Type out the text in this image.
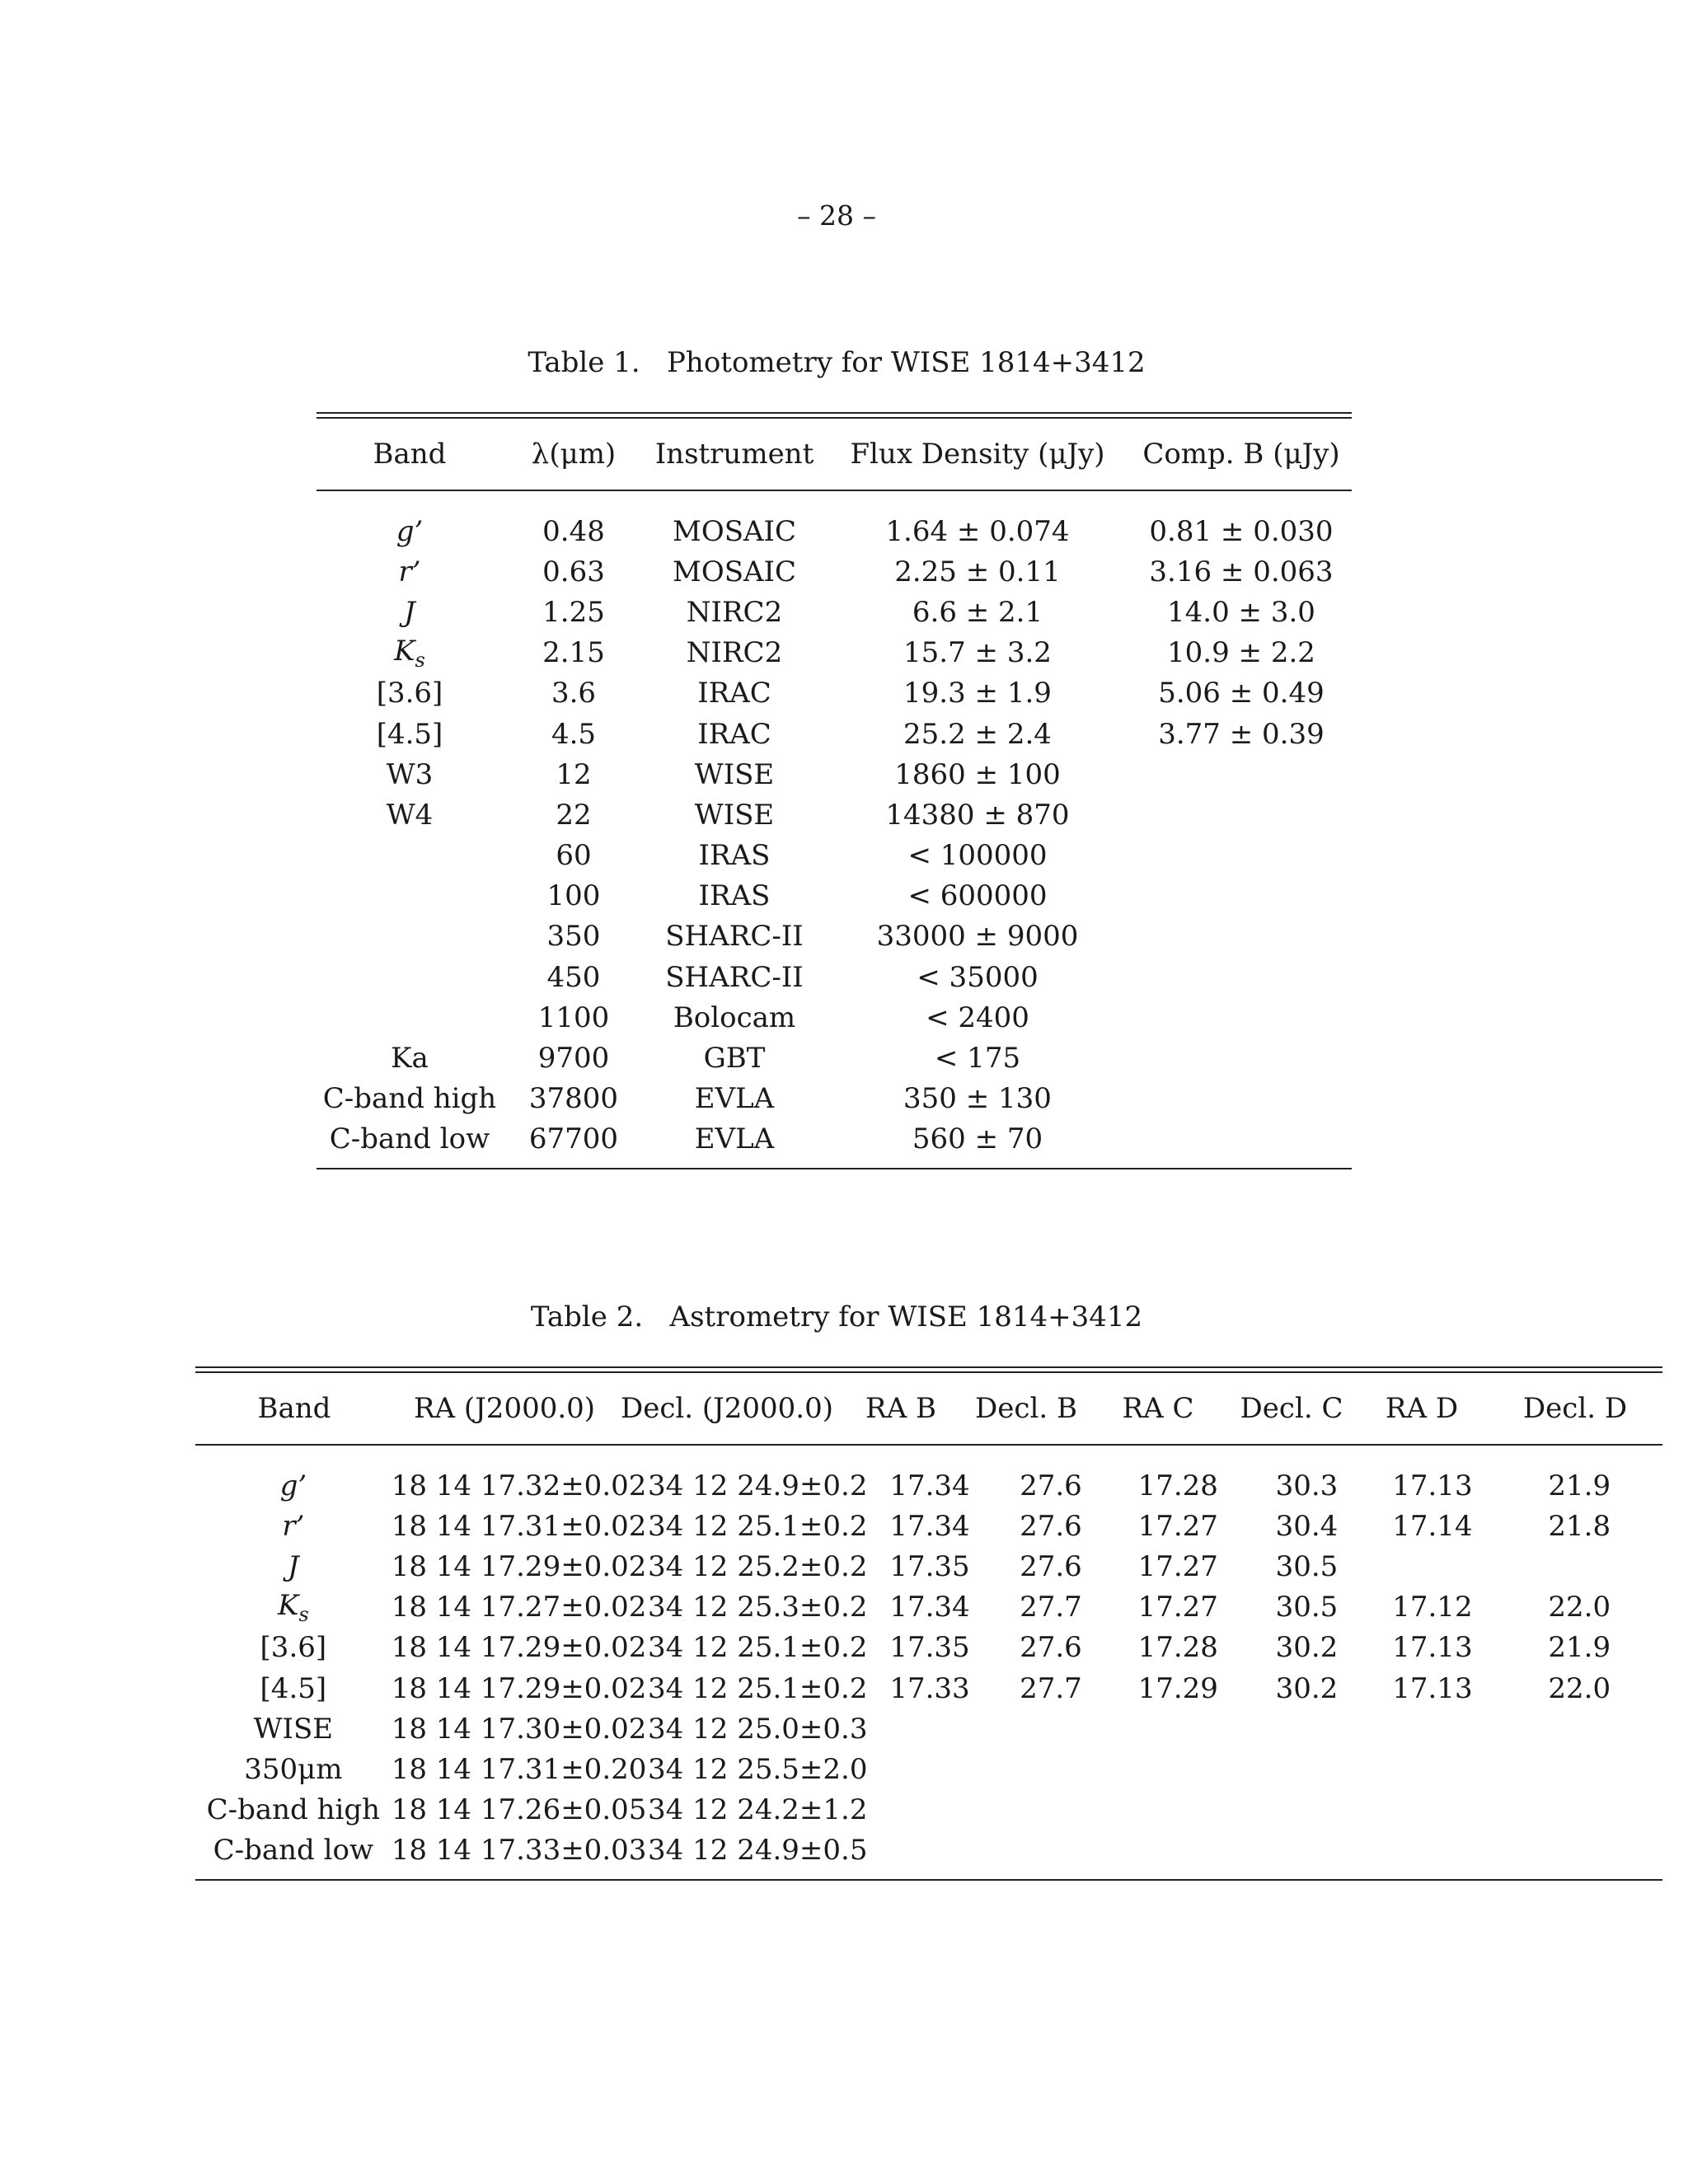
– 28 –
Table 1.   Photometry for WISE 1814+3412
Band	λ(μm)	Instrument	Flux Density (μJy)	Comp. B (μJy)

g’	0.48	MOSAIC	1.64 ± 0.074	0.81 ± 0.030
r’	0.63	MOSAIC	2.25 ± 0.11	3.16 ± 0.063
J	1.25	NIRC2	6.6 ± 2.1	14.0 ± 3.0
$K_s$	2.15	NIRC2	15.7 ± 3.2	10.9 ± 2.2
[3.6]	3.6	IRAC	19.3 ± 1.9	5.06 ± 0.49
[4.5]	4.5	IRAC	25.2 ± 2.4	3.77 ± 0.39
W3	12	WISE	1860 ± 100	
W4	22	WISE	14380 ± 870	
	60	IRAS	< 100000	
	100	IRAS	< 600000	
	350	SHARC-II	33000 ± 9000	
	450	SHARC-II	< 35000	
	1100	Bolocam	< 2400	
Ka	9700	GBT	< 175	
C-band high	37800	EVLA	350 ± 130	
C-band low	67700	EVLA	560 ± 70	
Table 2.   Astrometry for WISE 1814+3412
Band	RA (J2000.0)	Decl. (J2000.0)	RA B	Decl. B	RA C	Decl. C	RA D	Decl. D

g’	18 14 17.32±0.02	34 12 24.9±0.2	17.34	27.6	17.28	30.3	17.13	21.9
r’	18 14 17.31±0.02	34 12 25.1±0.2	17.34	27.6	17.27	30.4	17.14	21.8
J	18 14 17.29±0.02	34 12 25.2±0.2	17.35	27.6	17.27	30.5		
$K_s$	18 14 17.27±0.02	34 12 25.3±0.2	17.34	27.7	17.27	30.5	17.12	22.0
[3.6]	18 14 17.29±0.02	34 12 25.1±0.2	17.35	27.6	17.28	30.2	17.13	21.9
[4.5]	18 14 17.29±0.02	34 12 25.1±0.2	17.33	27.7	17.29	30.2	17.13	22.0
WISE	18 14 17.30±0.02	34 12 25.0±0.3						
350μm	18 14 17.31±0.20	34 12 25.5±2.0						
C-band high	18 14 17.26±0.05	34 12 24.2±1.2						
C-band low	18 14 17.33±0.03	34 12 24.9±0.5						
